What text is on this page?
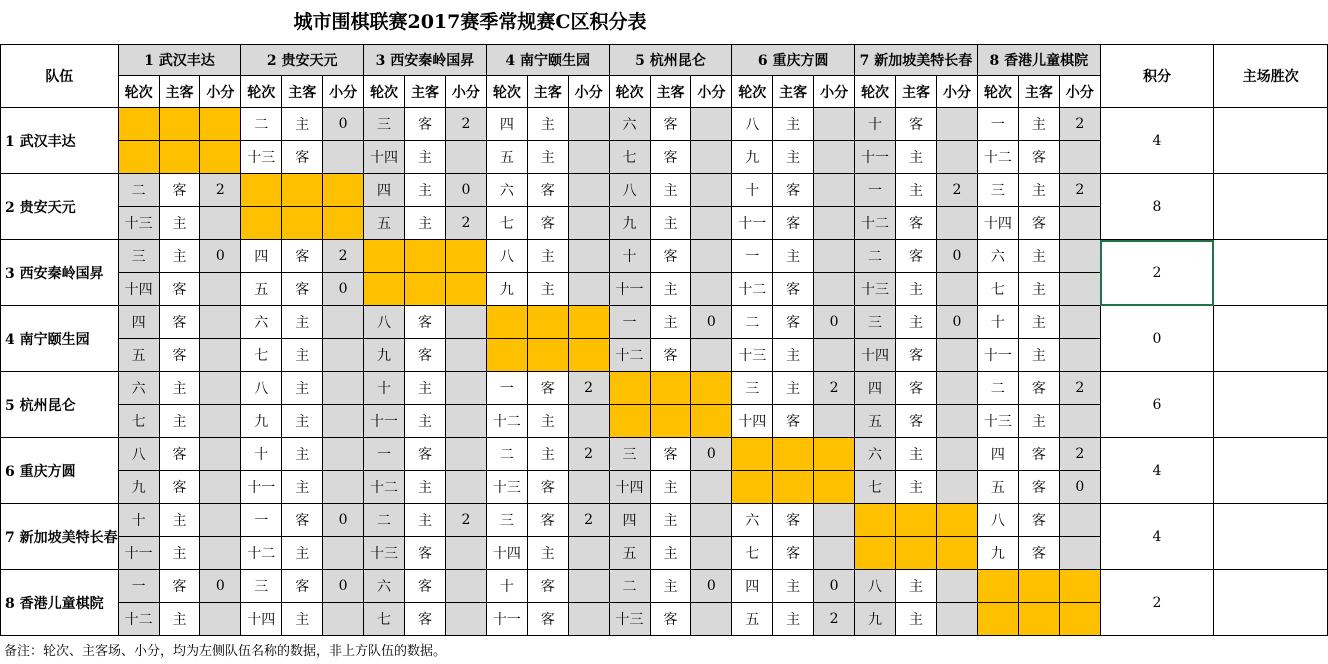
城市围棋联赛2017赛季常规赛C区积分表
队伍	1 武汉丰达			2 贵安天元			3 西安秦岭国昇			4 南宁颐生园			5 杭州昆仑			6 重庆方圆			7 新加坡美特长春			8 香港儿童棋院			积分	主场胜次
	轮次	主客	小分	轮次	主客	小分	轮次	主客	小分	轮次	主客	小分	轮次	主客	小分	轮次	主客	小分	轮次	主客	小分	轮次	主客	小分		
1 武汉丰达				二	主	0	三	客	2	四	主		六	客		八	主		十	客		一	主	2	4	
				十三	客		十四	主		五	主		七	客		九	主		十一	主		十二	客			
2 贵安天元	二	客	2				四	主	0	六	客		八	主		十	客		一	主	2	三	主	2	8	
	十三	主					五	主	2	七	客		九	主		十一	客		十二	客		十四	客			
3 西安秦岭国昇	三	主	0	四	客	2				八	主		十	客		一	主		二	客	0	六	主		2	
	十四	客		五	客	0				九	主		十一	主		十二	客		十三	主		七	主			
4 南宁颐生园	四	客		六	主		八	客					一	主	0	二	客	0	三	主	0	十	主		0	
	五	客		七	主		九	客					十二	客		十三	主		十四	客		十一	主			
5 杭州昆仑	六	主		八	主		十	主		一	客	2				三	主	2	四	客		二	客	2	6	
	七	主		九	主		十一	主		十二	主					十四	客		五	客		十三	主			
6 重庆方圆	八	客		十	主		一	客		二	主	2	三	客	0				六	主		四	客	2	4	
	九	客		十一	主		十二	主		十三	客		十四	主					七	主		五	客	0		
7 新加坡美特长春	十	主		一	客	0	二	主	2	三	客	2	四	主		六	客					八	客		4	
	十一	主		十二	主		十三	客		十四	主		五	主		七	客					九	客			
8 香港儿童棋院	一	客	0	三	客	0	六	客		十	客		二	主	0	四	主	0	八	主					2	
	十二	主		十四	主		七	客		十一	客		十三	客		五	主	2	九	主						
备注：轮次、主客场、小分，均为左侧队伍名称的数据，非上方队伍的数据。
